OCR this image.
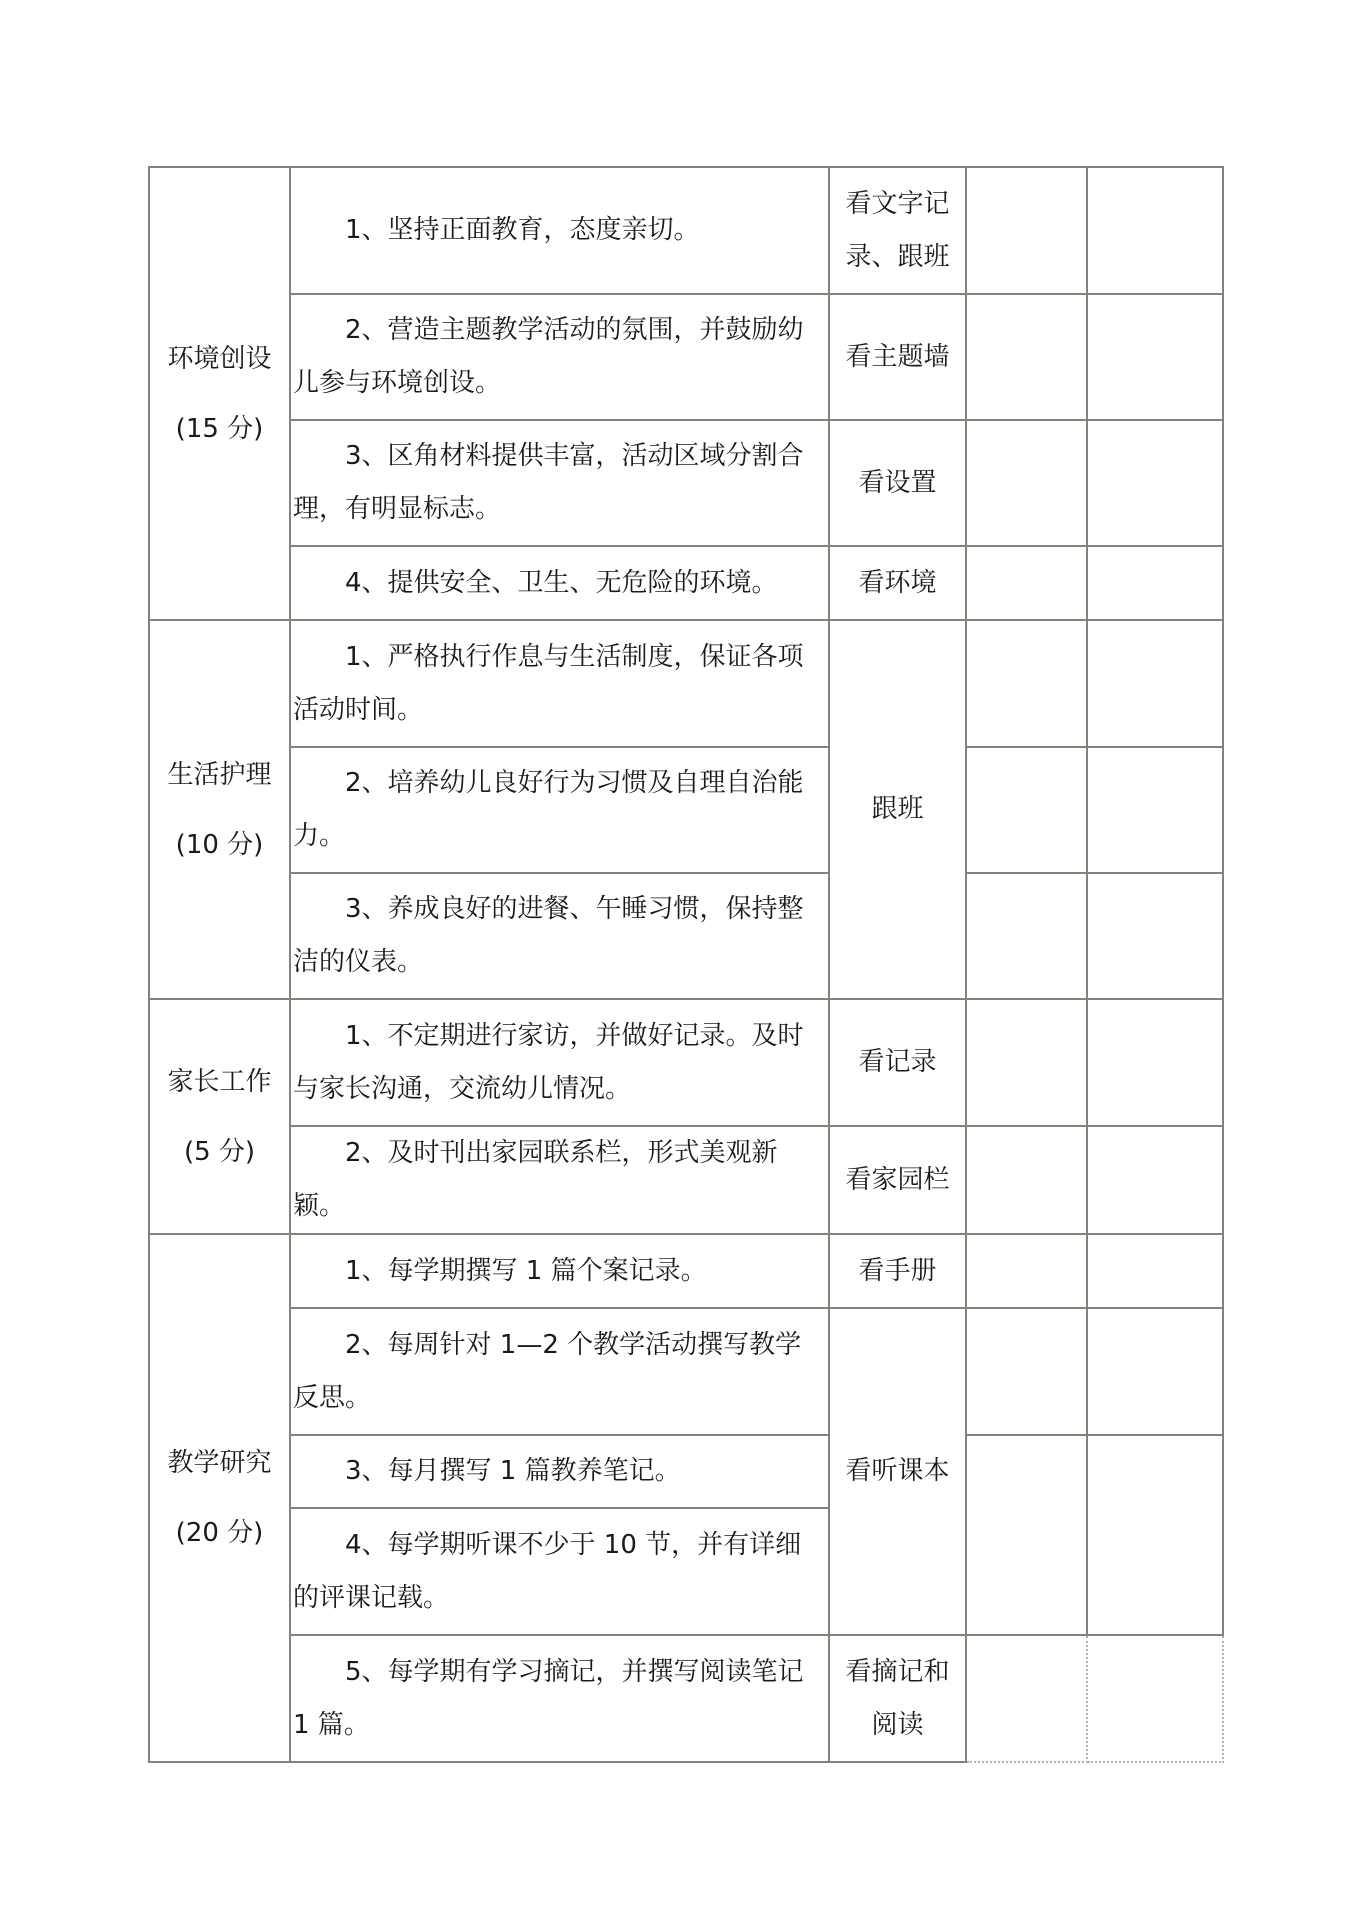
环境创设
(15 分)	1、坚持正面教育，态度亲切。	看文字记录、跟班		

	2、营造主题教学活动的氛围，并鼓励幼儿参与环境创设。	看主题墙		

	3、区角材料提供丰富，活动区域分割合理，有明显标志。	看设置		

	4、提供安全、卫生、无危险的环境。	看环境		

生活护理
(10 分)	1、严格执行作息与生活制度，保证各项活动时间。	跟班		

	2、培养幼儿良好行为习惯及自理自治能力。			

	3、养成良好的进餐、午睡习惯，保持整洁的仪表。			

家长工作
(5 分)	1、不定期进行家访，并做好记录。及时与家长沟通，交流幼儿情况。	看记录		

	2、及时刊出家园联系栏，形式美观新颖。	看家园栏		

教学研究
(20 分)	1、每学期撰写 1 篇个案记录。	看手册		

	2、每周针对 1—2 个教学活动撰写教学反思。	看听课本		

	3、每月撰写 1 篇教养笔记。			

	4、每学期听课不少于 10 节，并有详细的评课记载。			

	5、每学期有学习摘记，并撰写阅读笔记 1 篇。	看摘记和阅读		
